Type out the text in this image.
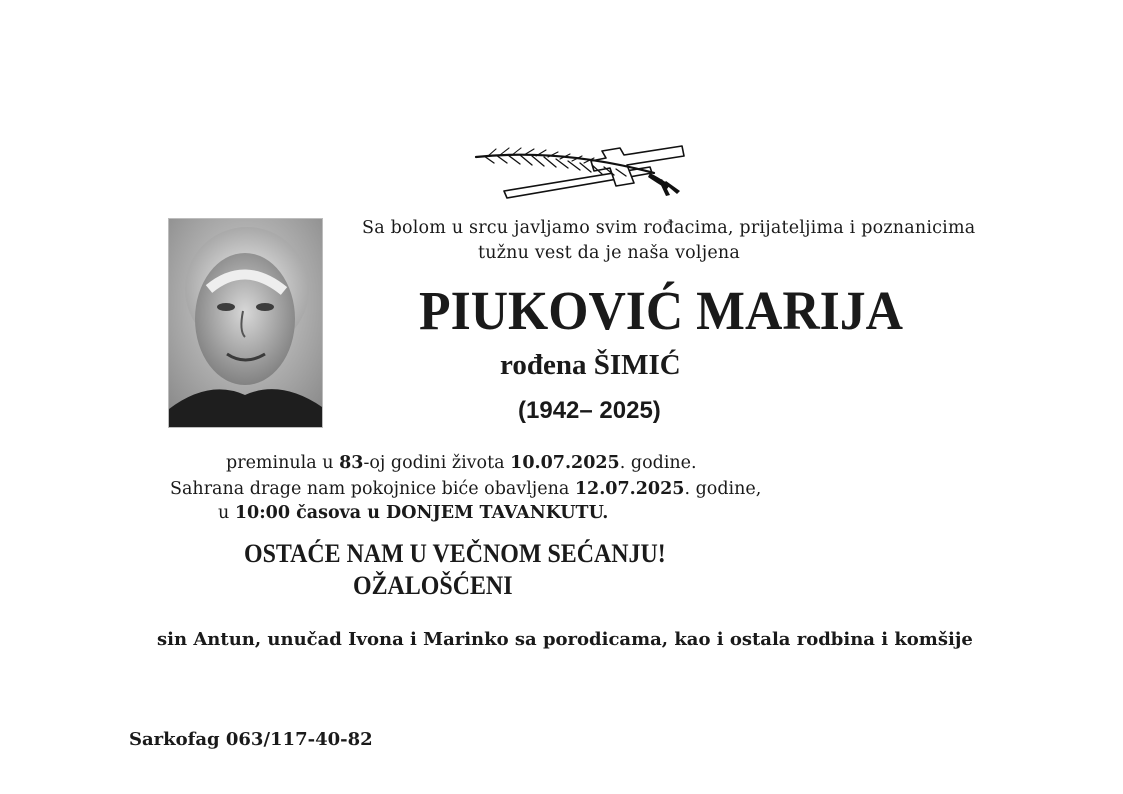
Sa bolom u srcu javljamo svim rođacima, prijateljima i poznanicima
tužnu vest da je naša voljena
PIUKOVIĆ MARIJA
rođena ŠIMIĆ
(1942– 2025)
preminula u 83-oj godini života 10.07.2025. godine.
Sahrana drage nam pokojnice biće obavljena 12.07.2025. godine,
u 10:00 časova u DONJEM TAVANKUTU.
OSTAĆE NAM U VEČNOM SEĆANJU!
OŽALOŠĆENI
sin Antun, unučad Ivona i Marinko sa porodicama, kao i ostala rodbina i komšije
Sarkofag 063/117-40-82
